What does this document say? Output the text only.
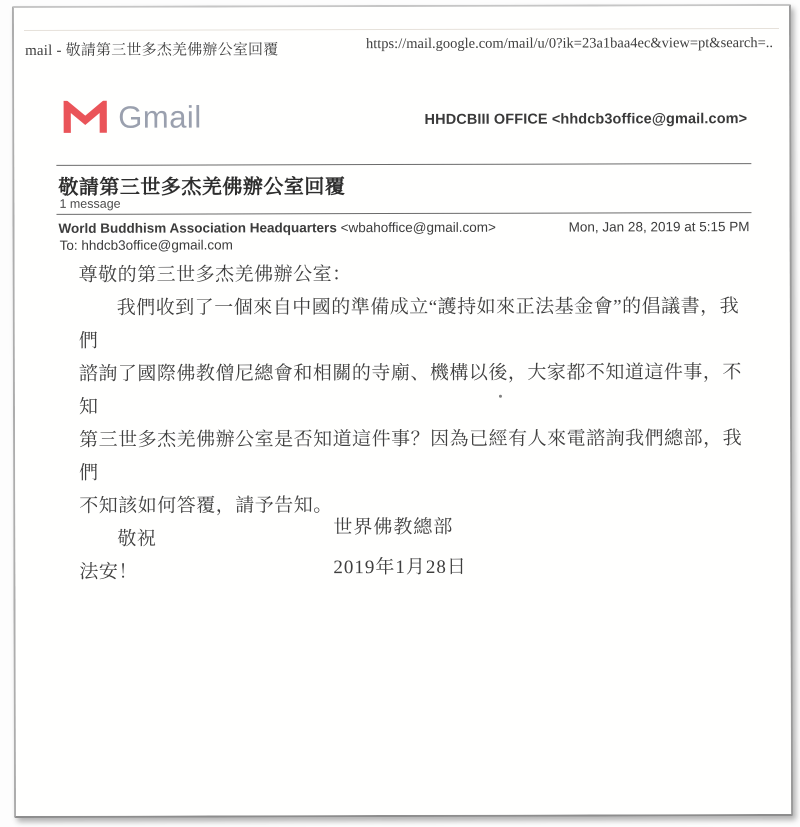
mail - 敬請第三世多杰羌佛辦公室回覆	https://mail.google.com/mail/u/0?ik=23a1baa4ec&view=pt&search=..
Gmail	HHDCBIII OFFICE <hhdcb3office@gmail.com>
敬請第三世多杰羌佛辦公室回覆
1 message
World Buddhism Association Headquarters <wbahoffice@gmail.com>	Mon, Jan 28, 2019 at 5:15 PM
To: hhdcb3office@gmail.com
尊敬的第三世多杰羌佛辦公室：
我們收到了一個來自中國的準備成立“護持如來正法基金會”的倡議書，我們
諮詢了國際佛教僧尼總會和相關的寺廟、機構以後，大家都不知道這件事，不知
第三世多杰羌佛辦公室是否知道這件事？因為已經有人來電諮詢我們總部，我們
不知該如何答覆，請予告知。
敬祝
法安！
世界佛教總部
2019年1月28日
